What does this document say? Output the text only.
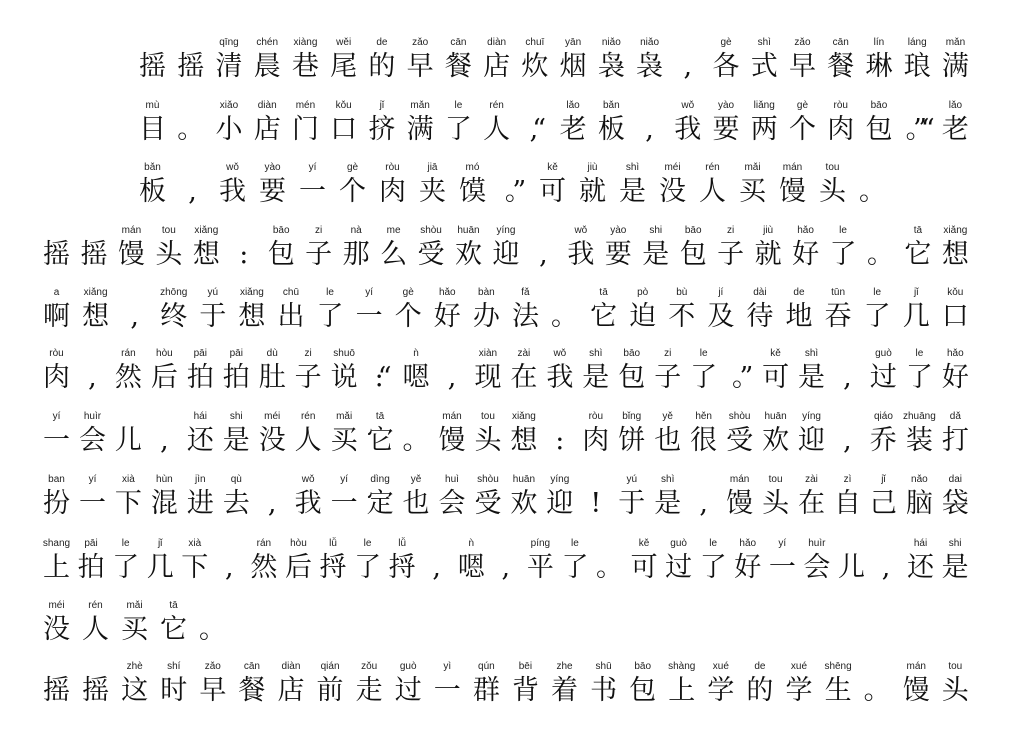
摇 摇
qīng
清
chén
晨
xiàng
巷
wěi
尾
de
的
zǎo
早
cān
餐
diàn
店
chuī
炊
yān
烟
niǎo
袅
niǎo
袅 ,
gè
各
shì
式
zǎo
早
cān
餐
lín
琳
láng
琅
mǎn
满
mù
目 。
xiǎo
小
diàn
店
mén
门
kǒu
口
jǐ
挤
mǎn
满
le
了
rén
人 ,“
lǎo
老
bǎn
板 ,
wǒ
我
yào
要
liǎng
两
gè
个
ròu
肉
bāo
包 。”“
lǎo
老
bǎn
板 ,
wǒ
我
yào
要
yí
一
gè
个
ròu
肉
jiā
夹
mó
馍 。”
kě
可
jiù
就
shì
是
méi
没
rén
人
mǎi
买
mán
馒
tou
头 。
摇 摇
mán
馒
tou
头
xiǎng
想 :
bāo
包
zi
子
nà
那
me
么
shòu
受
huān
欢
yíng
迎 ,
wǒ
我
yào
要
shi
是
bāo
包
zi
子
jiù
就
hǎo
好
le
了 。
tā
它
xiǎng
想
a
啊
xiǎng
想 ,
zhōng
终
yú
于
xiǎng
想
chū
出
le
了
yí
一
gè
个
hǎo
好
bàn
办
fǎ
法 。
tā
它
pò
迫
bù
不
jí
及
dài
待
de
地
tūn
吞
le
了
jǐ
几
kǒu
口
ròu
肉 ,
rán
然
hòu
后
pāi
拍
pāi
拍
dù
肚
zi
子
shuō
说 :“
ǹ
嗯 ,
xiàn
现
zài
在
wǒ
我
shì
是
bāo
包
zi
子
le
了 。”
kě
可
shì
是 ,
guò
过
le
了
hǎo
好
yí
一
huìr
会 儿 ,
hái
还
shi
是
méi
没
rén
人
mǎi
买
tā
它 。
mán
馒
tou
头
xiǎng
想 :
ròu
肉
bǐng
饼
yě
也
hěn
很
shòu
受
huān
欢
yíng
迎 ,
qiáo
乔
zhuāng
装
dǎ
打
ban
扮
yí
一
xià
下
hùn
混
jìn
进
qù
去 ,
wǒ
我
yí
一
dìng
定
yě
也
huì
会
shòu
受
huān
欢
yíng
迎 !
yú
于
shì
是 ,
mán
馒
tou
头
zài
在
zì
自
jǐ
己
nǎo
脑
dai
袋
shang
上
pāi
拍
le
了
jǐ
几
xià
下 ,
rán
然
hòu
后
lǚ
捋
le
了
lǚ
捋 ,
ǹ
嗯 ,
píng
平
le
了 。
kě
可
guò
过
le
了
hǎo
好
yí
一
huìr
会 儿 ,
hái
还
shi
是
méi
没
rén
人
mǎi
买
tā
它 。
摇 摇
zhè
这
shí
时
zǎo
早
cān
餐
diàn
店
qián
前
zǒu
走
guò
过
yì
一
qún
群
bēi
背
zhe
着
shū
书
bāo
包
shàng
上
xué
学
de
的
xué
学
shēng
生 。
mán
馒
tou
头
